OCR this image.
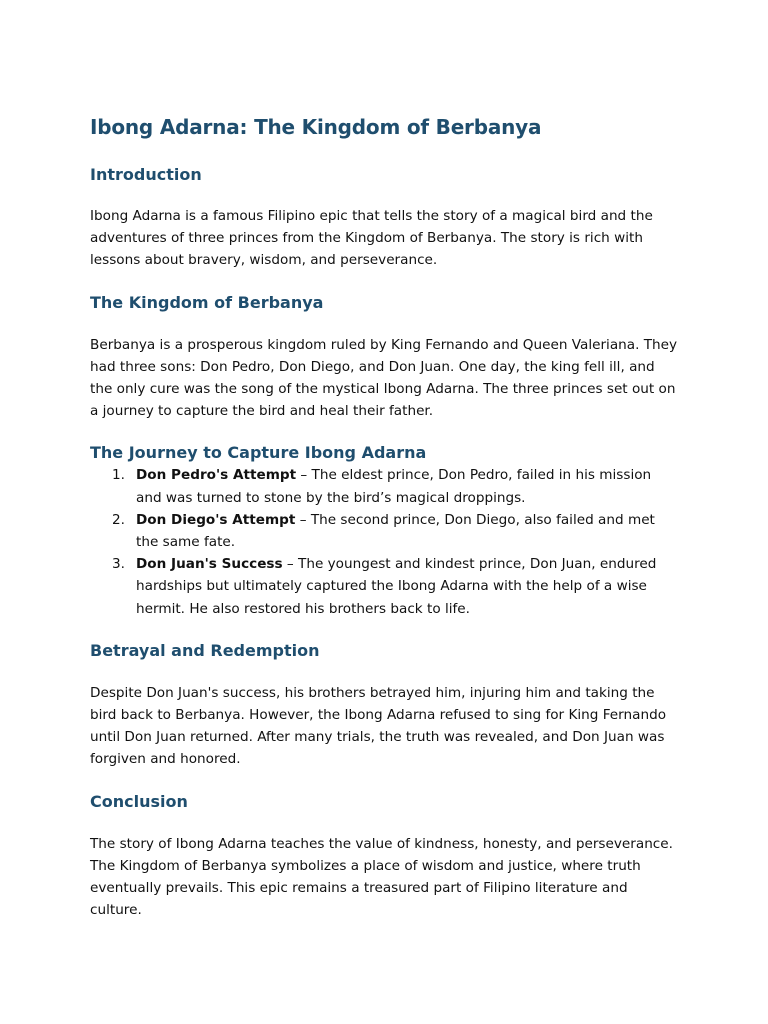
Ibong Adarna: The Kingdom of Berbanya
Introduction

Ibong Adarna is a famous Filipino epic that tells the story of a magical bird and the adventures of three princes from the Kingdom of Berbanya. The story is rich with lessons about bravery, wisdom, and perseverance.

The Kingdom of Berbanya

Berbanya is a prosperous kingdom ruled by King Fernando and Queen Valeriana. They had three sons: Don Pedro, Don Diego, and Don Juan. One day, the king fell ill, and the only cure was the song of the mystical Ibong Adarna. The three princes set out on a journey to capture the bird and heal their father.

The Journey to Capture Ibong Adarna
1. Don Pedro's Attempt – The eldest prince, Don Pedro, failed in his mission and was turned to stone by the bird’s magical droppings.
2. Don Diego's Attempt – The second prince, Don Diego, also failed and met the same fate.
3. Don Juan's Success – The youngest and kindest prince, Don Juan, endured hardships but ultimately captured the Ibong Adarna with the help of a wise hermit. He also restored his brothers back to life.
Betrayal and Redemption

Despite Don Juan's success, his brothers betrayed him, injuring him and taking the bird back to Berbanya. However, the Ibong Adarna refused to sing for King Fernando until Don Juan returned. After many trials, the truth was revealed, and Don Juan was forgiven and honored.

Conclusion

The story of Ibong Adarna teaches the value of kindness, honesty, and perseverance. The Kingdom of Berbanya symbolizes a place of wisdom and justice, where truth eventually prevails. This epic remains a treasured part of Filipino literature and culture.
